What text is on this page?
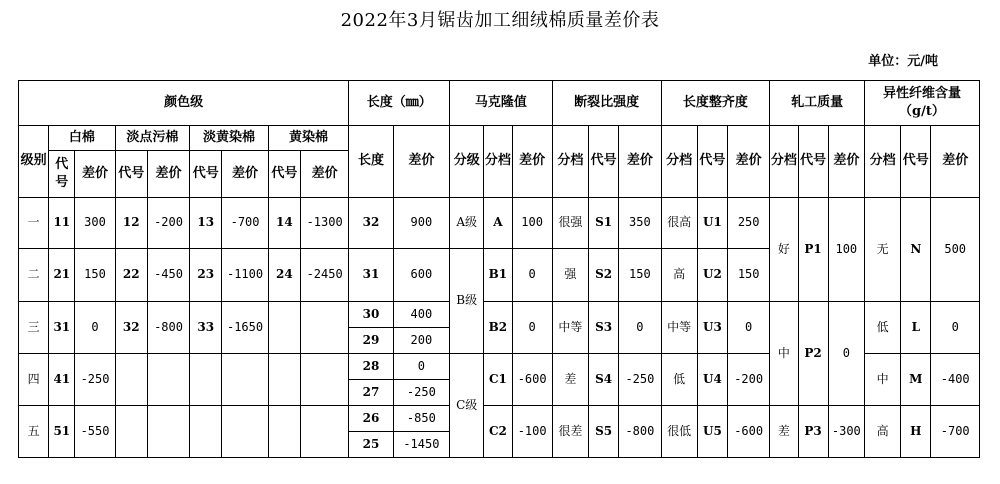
2022年3月锯齿加工细绒棉质量差价表
单位：元/吨
颜色级									长度（㎜）		马克隆值			断裂比强度			长度整齐度			轧工质量			异性纤维含量（g/t）		
级别	白棉		淡点污棉		淡黄染棉		黄染棉		长度	差价	分级	分档	差价	分档	代号	差价	分档	代号	差价	分档	代号	差价	分档	代号	差价
	代号	差价	代号	差价	代号	差价	代号	差价																	
一	11	300	12	-200	13	-700	14	-1300	32	900	A级	A	100	很强	S1	350	很高	U1	250	好	P1	100	无	N	500
二	21	150	22	-450	23	-1100	24	-2450	31	600	B级	B1	0	强	S2	150	高	U2	150						
三	31	0	32	-800	33	-1650			30	400		B2	0	中等	S3	0	中等	U3	0	中	P2	0	低	L	0
									29	200															
四	41	-250							28	0	C级	C1	-600	差	S4	-250	低	U4	-200				中	M	-400
									27	-250															
五	51	-550							26	-850		C2	-100	很差	S5	-800	很低	U5	-600	差	P3	-300	高	H	-700
									25	-1450															
